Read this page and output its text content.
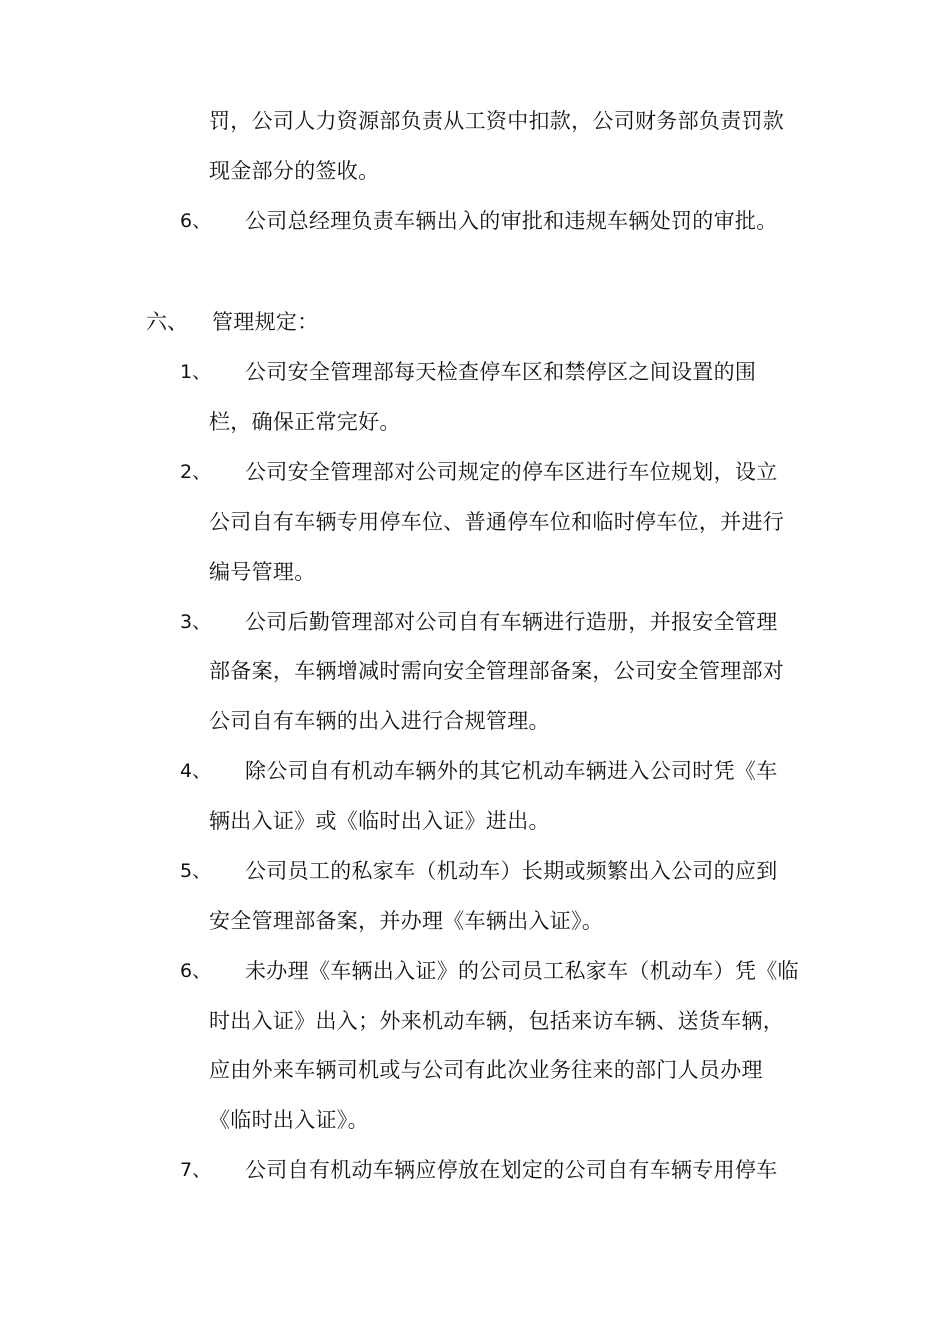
罚，公司人力资源部负责从工资中扣款，公司财务部负责罚款
现金部分的签收。
6、 公司总经理负责车辆出入的审批和违规车辆处罚的审批。
六、 管理规定：
1、 公司安全管理部每天检查停车区和禁停区之间设置的围
栏，确保正常完好。
2、 公司安全管理部对公司规定的停车区进行车位规划，设立
公司自有车辆专用停车位、普通停车位和临时停车位，并进行
编号管理。
3、 公司后勤管理部对公司自有车辆进行造册，并报安全管理
部备案，车辆增减时需向安全管理部备案，公司安全管理部对
公司自有车辆的出入进行合规管理。
4、 除公司自有机动车辆外的其它机动车辆进入公司时凭《车
辆出入证》或《临时出入证》进出。
5、 公司员工的私家车（机动车）长期或频繁出入公司的应到
安全管理部备案，并办理《车辆出入证》。
6、 未办理《车辆出入证》的公司员工私家车（机动车）凭《临
时出入证》出入；外来机动车辆，包括来访车辆、送货车辆，
应由外来车辆司机或与公司有此次业务往来的部门人员办理
《临时出入证》。
7、 公司自有机动车辆应停放在划定的公司自有车辆专用停车
